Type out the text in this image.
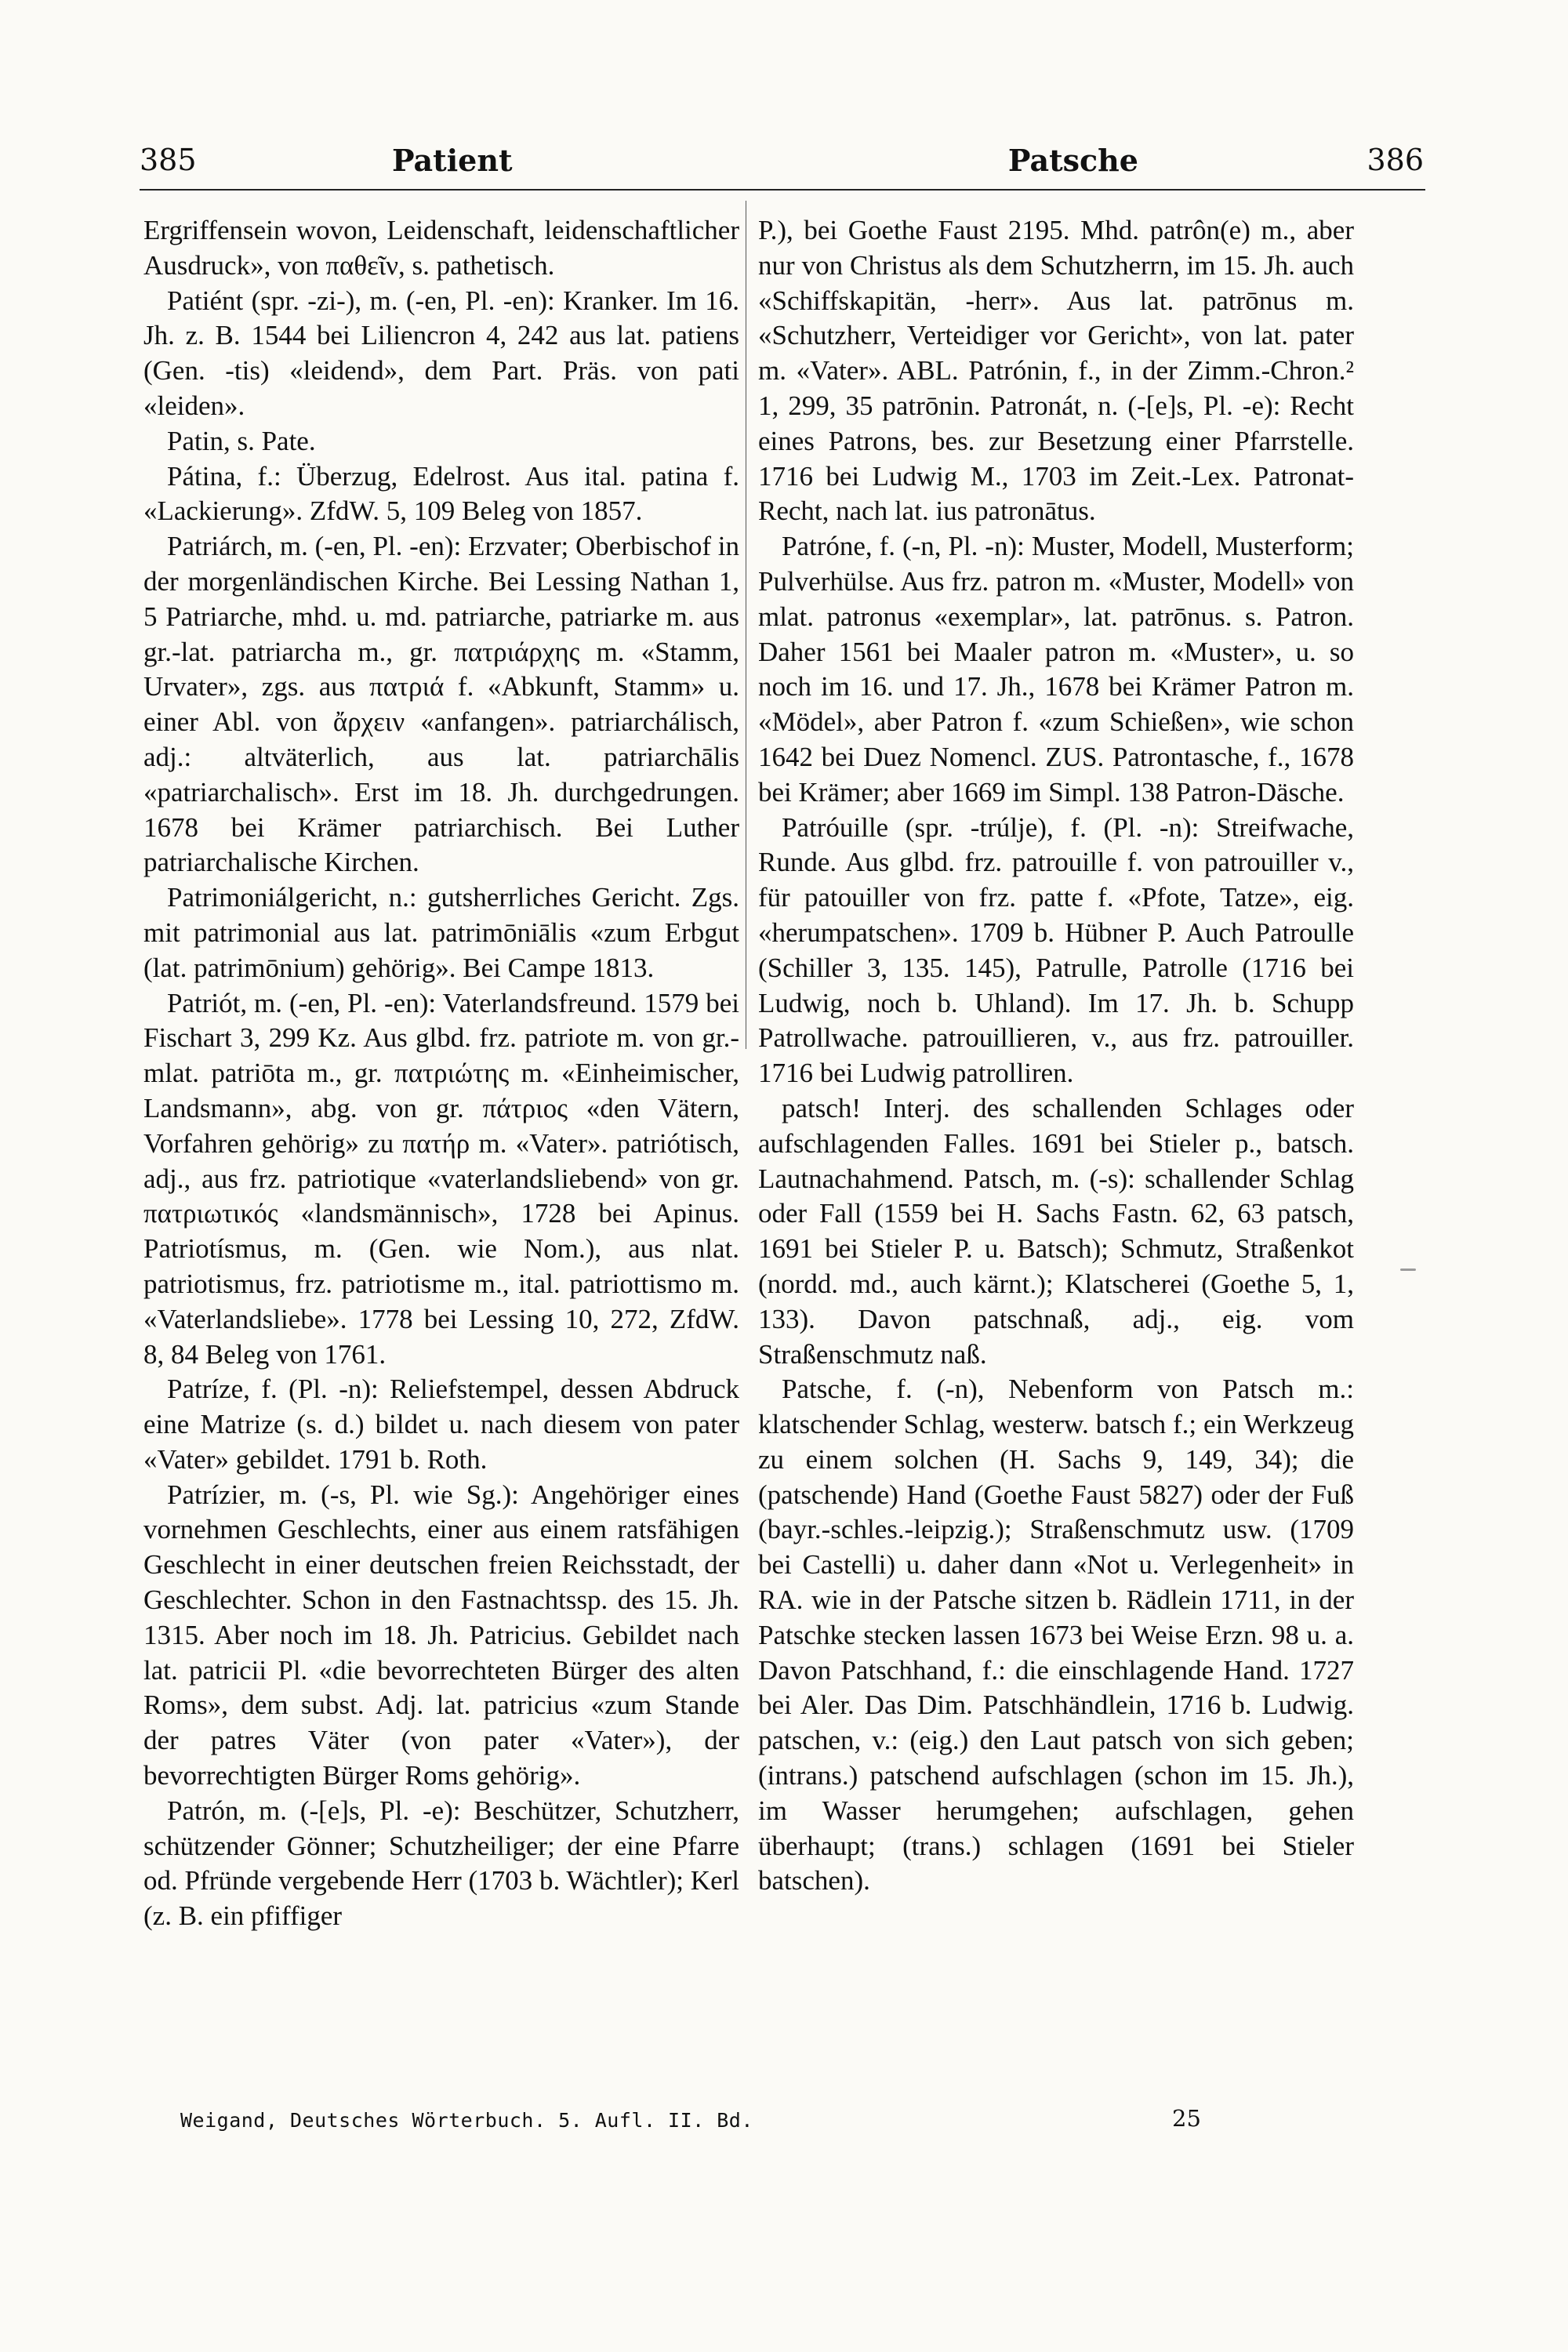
385	Patient	Patsche	386

Ergriffensein wovon, Leidenschaft, leidenschaftlicher Ausdruck», von παθεῖν, s. pathetisch.

Patiént (spr. -zi-), m. (-en, Pl. -en): Kranker. Im 16. Jh. z. B. 1544 bei Liliencron 4, 242 aus lat. patiens (Gen. -tis) «leidend», dem Part. Präs. von pati «leiden».

Patin, s. Pate.

Pátina, f.: Überzug, Edelrost. Aus ital. patina f. «Lackierung». ZfdW. 5, 109 Beleg von 1857.

Patriárch, m. (-en, Pl. -en): Erzvater; Oberbischof in der morgenländischen Kirche. Bei Lessing Nathan 1, 5 Patriarche, mhd. u. md. patriarche, patriarke m. aus gr.-lat. patriarcha m., gr. πατριάρχης m. «Stamm, Urvater», zgs. aus πατριά f. «Abkunft, Stamm» u. einer Abl. von ἄρχειν «anfangen». patriarchálisch, adj.: altväterlich, aus lat. patriarchālis «patriarchalisch». Erst im 18. Jh. durchgedrungen. 1678 bei Krämer patriarchisch. Bei Luther patriarchalische Kirchen.

Patrimoniálgericht, n.: gutsherrliches Gericht. Zgs. mit patrimonial aus lat. patrimōniālis «zum Erbgut (lat. patrimōnium) gehörig». Bei Campe 1813.

Patriót, m. (-en, Pl. -en): Vaterlandsfreund. 1579 bei Fischart 3, 299 Kz. Aus glbd. frz. patriote m. von gr.-mlat. patriōta m., gr. πατριώτης m. «Einheimischer, Landsmann», abg. von gr. πάτριος «den Vätern, Vorfahren gehörig» zu πατήρ m. «Vater». patriótisch, adj., aus frz. patriotique «vaterlandsliebend» von gr. πατριωτικός «landsmännisch», 1728 bei Apinus. Patriotísmus, m. (Gen. wie Nom.), aus nlat. patriotismus, frz. patriotisme m., ital. patriottismo m. «Vaterlandsliebe». 1778 bei Lessing 10, 272, ZfdW. 8, 84 Beleg von 1761.

Patríze, f. (Pl. -n): Reliefstempel, dessen Abdruck eine Matrize (s. d.) bildet u. nach diesem von pater «Vater» gebildet. 1791 b. Roth.

Patrízier, m. (-s, Pl. wie Sg.): Angehöriger eines vornehmen Geschlechts, einer aus einem ratsfähigen Geschlecht in einer deutschen freien Reichsstadt, der Geschlechter. Schon in den Fastnachtssp. des 15. Jh. 1315. Aber noch im 18. Jh. Patricius. Gebildet nach lat. patricii Pl. «die bevorrechteten Bürger des alten Roms», dem subst. Adj. lat. patricius «zum Stande der patres Väter (von pater «Vater»), der bevorrechtigten Bürger Roms gehörig».

Patrón, m. (-[e]s, Pl. -e): Beschützer, Schutzherr, schützender Gönner; Schutzheiliger; der eine Pfarre od. Pfründe vergebende Herr (1703 b. Wächtler); Kerl (z. B. ein pfiffiger

P.), bei Goethe Faust 2195. Mhd. patrôn(e) m., aber nur von Christus als dem Schutzherrn, im 15. Jh. auch «Schiffskapitän, -herr». Aus lat. patrōnus m. «Schutzherr, Verteidiger vor Gericht», von lat. pater m. «Vater». ABL. Patrónin, f., in der Zimm.-Chron.² 1, 299, 35 patrōnin. Patronát, n. (-[e]s, Pl. -e): Recht eines Patrons, bes. zur Besetzung einer Pfarrstelle. 1716 bei Ludwig M., 1703 im Zeit.-Lex. Patronat-Recht, nach lat. ius patronātus.

Patróne, f. (-n, Pl. -n): Muster, Modell, Musterform; Pulverhülse. Aus frz. patron m. «Muster, Modell» von mlat. patronus «exemplar», lat. patrōnus. s. Patron. Daher 1561 bei Maaler patron m. «Muster», u. so noch im 16. und 17. Jh., 1678 bei Krämer Patron m. «Mödel», aber Patron f. «zum Schießen», wie schon 1642 bei Duez Nomencl. ZUS. Patrontasche, f., 1678 bei Krämer; aber 1669 im Simpl. 138 Patron-Däsche.

Patróuille (spr. -trúlje), f. (Pl. -n): Streifwache, Runde. Aus glbd. frz. patrouille f. von patrouiller v., für patouiller von frz. patte f. «Pfote, Tatze», eig. «herumpatschen». 1709 b. Hübner P. Auch Patroulle (Schiller 3, 135. 145), Patrulle, Patrolle (1716 bei Ludwig, noch b. Uhland). Im 17. Jh. b. Schupp Patrollwache. patrouillieren, v., aus frz. patrouiller. 1716 bei Ludwig patrolliren.

patsch! Interj. des schallenden Schlages oder aufschlagenden Falles. 1691 bei Stieler p., batsch. Lautnachahmend. Patsch, m. (-s): schallender Schlag oder Fall (1559 bei H. Sachs Fastn. 62, 63 patsch, 1691 bei Stieler P. u. Batsch); Schmutz, Straßenkot (nordd. md., auch kärnt.); Klatscherei (Goethe 5, 1, 133). Davon patschnaß, adj., eig. vom Straßenschmutz naß.

Patsche, f. (-n), Nebenform von Patsch m.: klatschender Schlag, westerw. batsch f.; ein Werkzeug zu einem solchen (H. Sachs 9, 149, 34); die (patschende) Hand (Goethe Faust 5827) oder der Fuß (bayr.-schles.-leipzig.); Straßenschmutz usw. (1709 bei Castelli) u. daher dann «Not u. Verlegenheit» in RA. wie in der Patsche sitzen b. Rädlein 1711, in der Patschke stecken lassen 1673 bei Weise Erzn. 98 u. a. Davon Patschhand, f.: die einschlagende Hand. 1727 bei Aler. Das Dim. Patschhändlein, 1716 b. Ludwig. patschen, v.: (eig.) den Laut patsch von sich geben; (intrans.) patschend aufschlagen (schon im 15. Jh.), im Wasser herumgehen; aufschlagen, gehen überhaupt; (trans.) schlagen (1691 bei Stieler batschen).

Weigand, Deutsches Wörterbuch. 5. Aufl. II. Bd.	25
